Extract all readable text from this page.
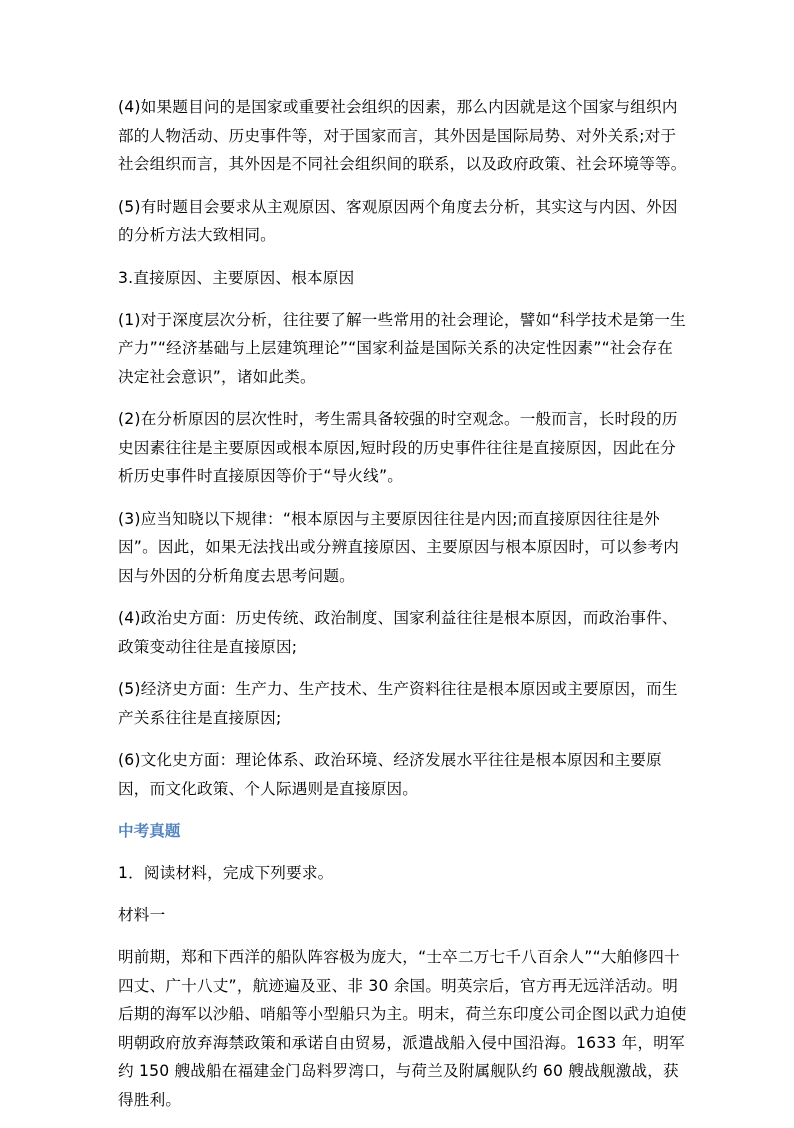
(4)如果题目问的是国家或重要社会组织的因素，那么内因就是这个国家与组织内部的人物活动、历史事件等，对于国家而言，其外因是国际局势、对外关系;对于社会组织而言，其外因是不同社会组织间的联系，以及政府政策、社会环境等等。

(5)有时题目会要求从主观原因、客观原因两个角度去分析，其实这与内因、外因的分析方法大致相同。

3.直接原因、主要原因、根本原因

(1)对于深度层次分析，往往要了解一些常用的社会理论，譬如“科学技术是第一生产力”“经济基础与上层建筑理论”“国家利益是国际关系的决定性因素”“社会存在决定社会意识”，诸如此类。

(2)在分析原因的层次性时，考生需具备较强的时空观念。一般而言，长时段的历史因素往往是主要原因或根本原因,短时段的历史事件往往是直接原因，因此在分析历史事件时直接原因等价于“导火线”。

(3)应当知晓以下规律：“根本原因与主要原因往往是内因;而直接原因往往是外因”。因此，如果无法找出或分辨直接原因、主要原因与根本原因时，可以参考内因与外因的分析角度去思考问题。

(4)政治史方面：历史传统、政治制度、国家利益往往是根本原因，而政治事件、政策变动往往是直接原因;

(5)经济史方面：生产力、生产技术、生产资料往往是根本原因或主要原因，而生产关系往往是直接原因;

(6)文化史方面：理论体系、政治环境、经济发展水平往往是根本原因和主要原因，而文化政策、个人际遇则是直接原因。

中考真题

1．阅读材料，完成下列要求。

材料一

明前期，郑和下西洋的船队阵容极为庞大，“士卒二万七千八百余人”“大舶修四十四丈、广十八丈”，航迹遍及亚、非 30 余国。明英宗后，官方再无远洋活动。明后期的海军以沙船、哨船等小型船只为主。明末，荷兰东印度公司企图以武力迫使明朝政府放弃海禁政策和承诺自由贸易，派遣战船入侵中国沿海。1633 年，明军约 150 艘战船在福建金门岛料罗湾口，与荷兰及附属舰队约 60 艘战舰激战，获得胜利。
